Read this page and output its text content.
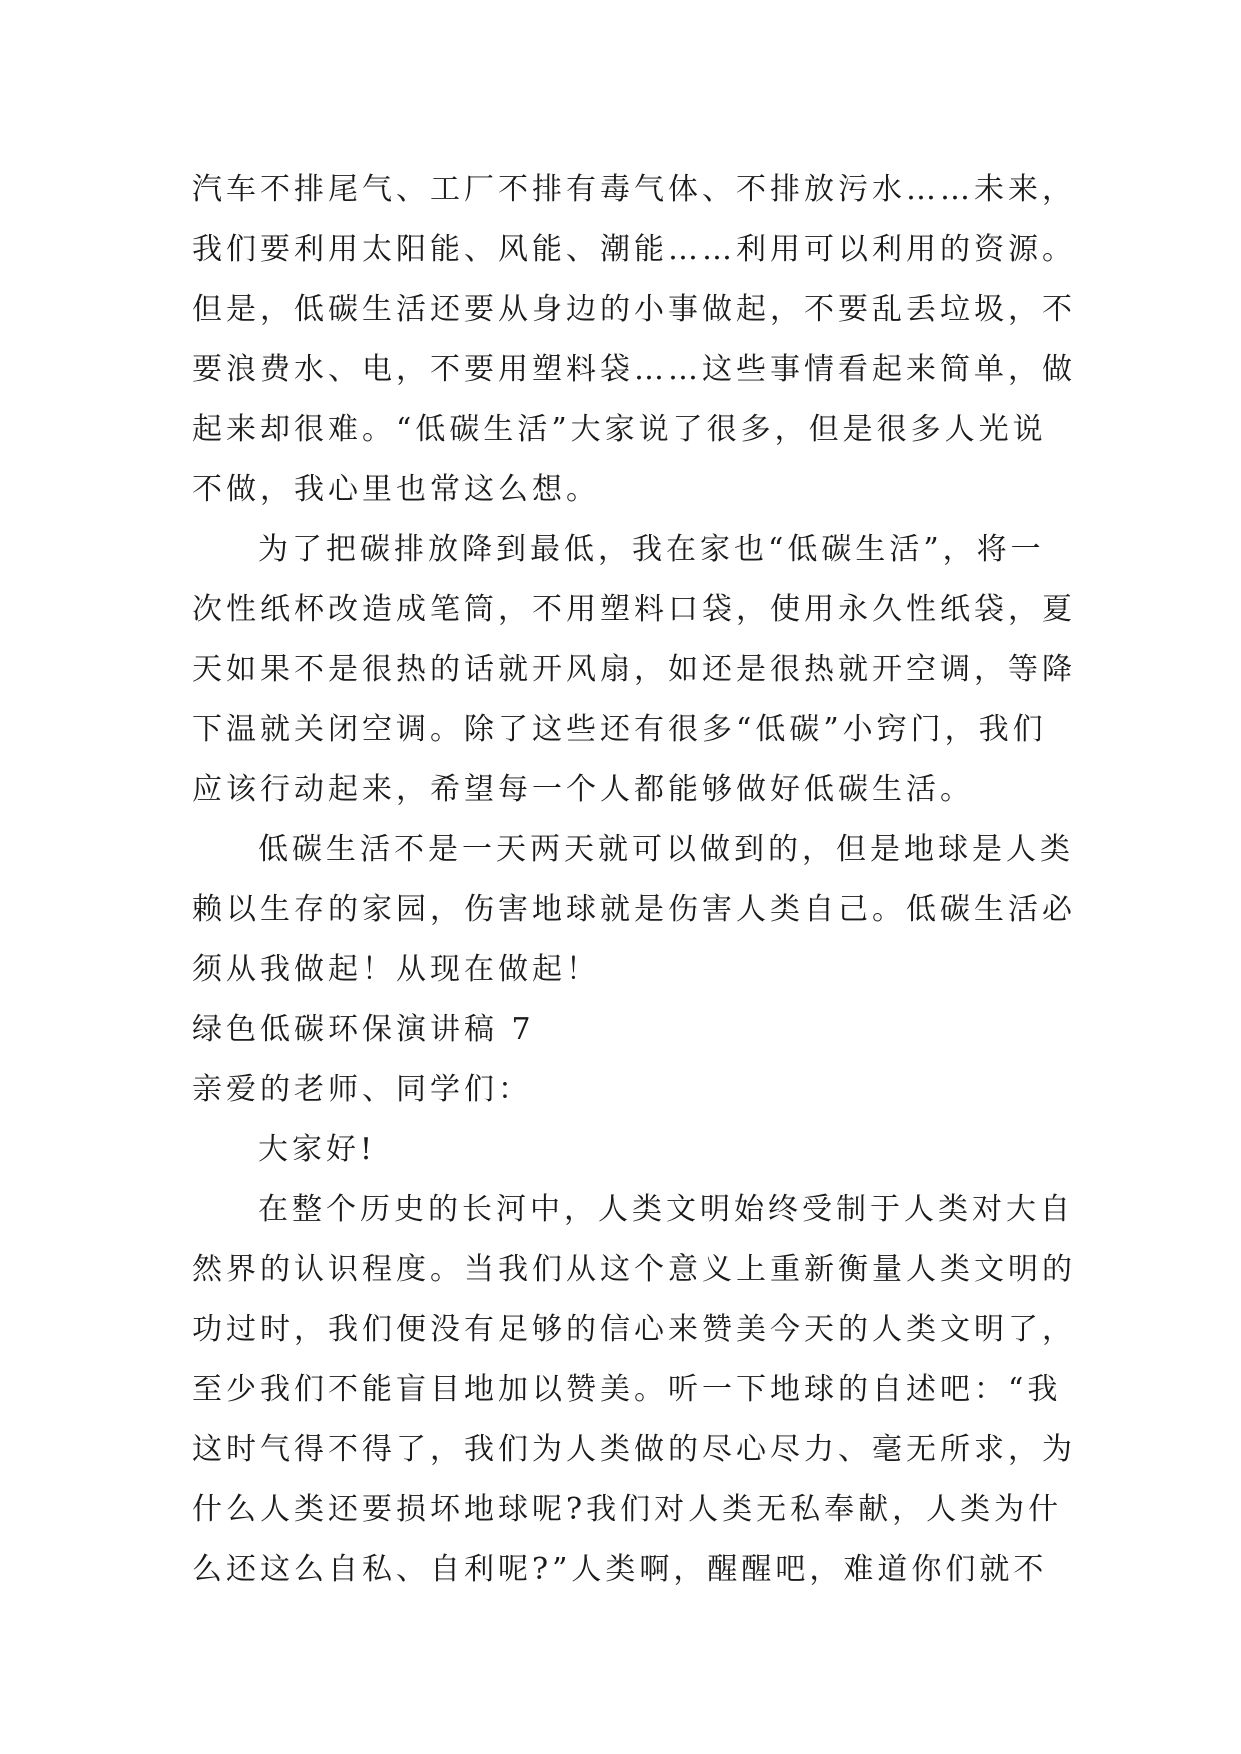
汽车不排尾气、工厂不排有毒气体、不排放污水……未来，
我们要利用太阳能、风能、潮能……利用可以利用的资源。
但是，低碳生活还要从身边的小事做起，不要乱丢垃圾，不
要浪费水、电，不要用塑料袋……这些事情看起来简单，做
起来却很难。“低碳生活”大家说了很多，但是很多人光说
不做，我心里也常这么想。
为了把碳排放降到最低，我在家也“低碳生活”，将一
次性纸杯改造成笔筒，不用塑料口袋，使用永久性纸袋，夏
天如果不是很热的话就开风扇，如还是很热就开空调，等降
下温就关闭空调。除了这些还有很多“低碳”小窍门，我们
应该行动起来，希望每一个人都能够做好低碳生活。
低碳生活不是一天两天就可以做到的，但是地球是人类
赖以生存的家园，伤害地球就是伤害人类自己。低碳生活必
须从我做起！从现在做起！
绿色低碳环保演讲稿 7
亲爱的老师、同学们：
大家好!
在整个历史的长河中，人类文明始终受制于人类对大自
然界的认识程度。当我们从这个意义上重新衡量人类文明的
功过时，我们便没有足够的信心来赞美今天的人类文明了，
至少我们不能盲目地加以赞美。听一下地球的自述吧：“我
这时气得不得了，我们为人类做的尽心尽力、毫无所求，为
什么人类还要损坏地球呢?我们对人类无私奉献，人类为什
么还这么自私、自利呢?”人类啊，醒醒吧，难道你们就不
